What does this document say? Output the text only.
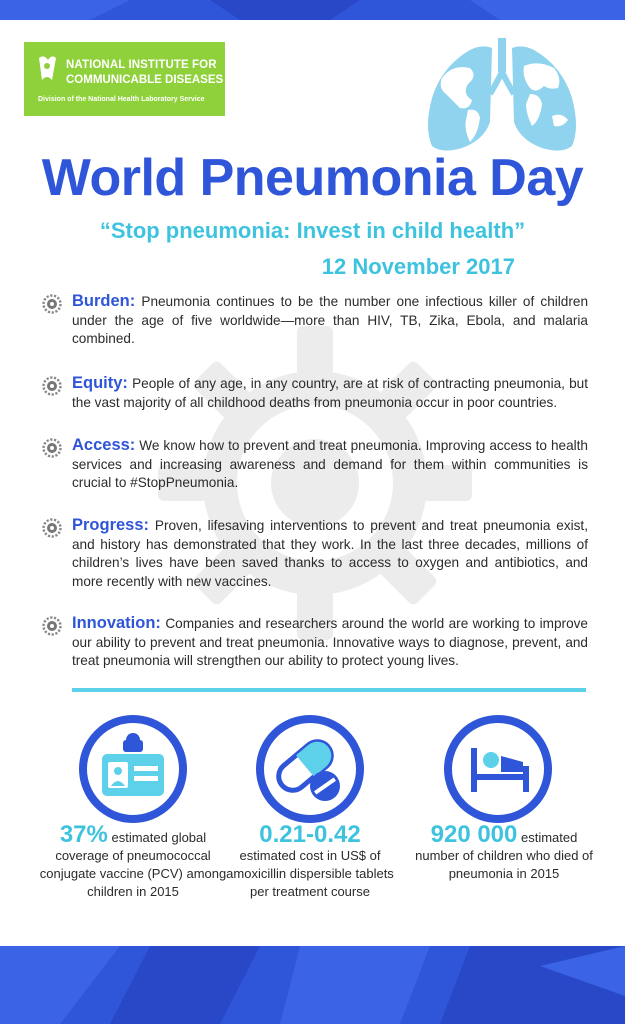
NATIONAL INSTITUTE FOR
COMMUNICABLE DISEASES
Division of the National Health Laboratory Service
World Pneumonia Day
“Stop pneumonia: Invest in child health”
12 November 2017

Burden: Pneumonia continues to be the number one infectious killer of children under the age of five worldwide—more than HIV, TB, Zika, Ebola, and malaria combined.

Equity: People of any age, in any country, are at risk of contracting pneumonia, but the vast majority of all childhood deaths from pneumonia occur in poor countries.

Access: We know how to prevent and treat pneumonia. Improving access to health services and increasing awareness and demand for them within communities is crucial to #StopPneumonia.

Progress: Proven, lifesaving interventions to prevent and treat pneumonia exist, and history has demonstrated that they work. In the last three decades, millions of children’s lives have been saved thanks to access to oxygen and antibiotics, and more recently with new vaccines.

Innovation: Companies and researchers around the world are working to improve our ability to prevent and treat pneumonia. Innovative ways to diagnose, prevent, and treat pneumonia will strengthen our ability to protect young lives.

37% estimated global
coverage of pneumococcal conjugate vaccine (PCV) among children in 2015
0.21-0.42
estimated cost in US$ of amoxicillin dispersible tablets per treatment course
920 000 estimated
number of children who died of pneumonia in 2015
